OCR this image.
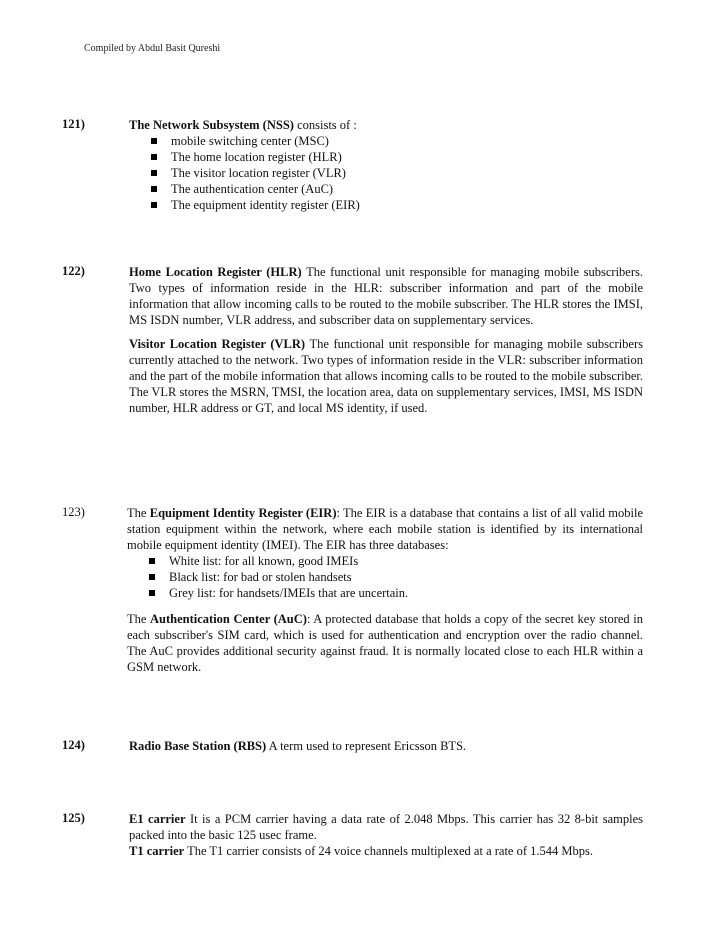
Compiled by Abdul Basit Qureshi
121)	The Network Subsystem (NSS) consists of :

mobile switching center (MSC)
The home location register (HLR)
The visitor location register (VLR)
The authentication center (AuC)
The equipment identity register (EIR)
122)	Home Location Register (HLR) The functional unit responsible for managing mobile subscribers. Two types of information reside in the HLR: subscriber information and part of the mobile information that allow incoming calls to be routed to the mobile subscriber. The HLR stores the IMSI, MS ISDN number, VLR address, and subscriber data on supplementary services.

Visitor Location Register (VLR) The functional unit responsible for managing mobile subscribers currently attached to the network. Two types of information reside in the VLR: subscriber information and the part of the mobile information that allows incoming calls to be routed to the mobile subscriber. The VLR stores the MSRN, TMSI, the location area, data on supplementary services, IMSI, MS ISDN number, HLR address or GT, and local MS identity, if used.

123)	The Equipment Identity Register (EIR): The EIR is a database that contains a list of all valid mobile station equipment within the network, where each mobile station is identified by its international mobile equipment identity (IMEI). The EIR has three databases:

White list: for all known, good IMEIs
Black list: for bad or stolen handsets
Grey list: for handsets/IMEIs that are uncertain.

The Authentication Center (AuC): A protected database that holds a copy of the secret key stored in each subscriber's SIM card, which is used for authentication and encryption over the radio channel. The AuC provides additional security against fraud. It is normally located close to each HLR within a GSM network.

124)	Radio Base Station (RBS) A term used to represent Ericsson BTS.

125)	E1 carrier It is a PCM carrier having a data rate of 2.048 Mbps. This carrier has 32 8-bit samples packed into the basic 125 usec frame.

T1 carrier The T1 carrier consists of 24 voice channels multiplexed at a rate of 1.544 Mbps.
